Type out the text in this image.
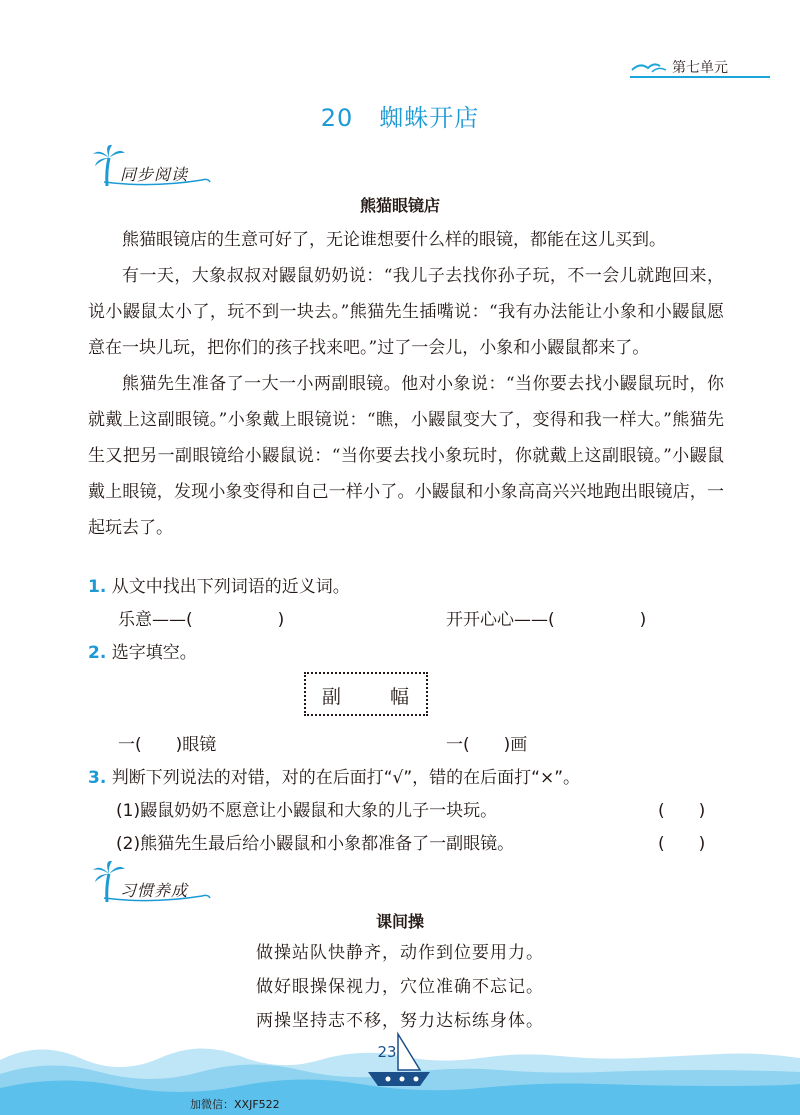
第七单元
20 蜘蛛开店
同步阅读
熊猫眼镜店

熊猫眼镜店的生意可好了，无论谁想要什么样的眼镜，都能在这儿买到。

有一天，大象叔叔对鼹鼠奶奶说：“我儿子去找你孙子玩，不一会儿就跑回来，说小鼹鼠太小了，玩不到一块去。”熊猫先生插嘴说：“我有办法能让小象和小鼹鼠愿意在一块儿玩，把你们的孩子找来吧。”过了一会儿，小象和小鼹鼠都来了。

熊猫先生准备了一大一小两副眼镜。他对小象说：“当你要去找小鼹鼠玩时，你就戴上这副眼镜。”小象戴上眼镜说：“瞧，小鼹鼠变大了，变得和我一样大。”熊猫先生又把另一副眼镜给小鼹鼠说：“当你要去找小象玩时，你就戴上这副眼镜。”小鼹鼠戴上眼镜，发现小象变得和自己一样小了。小鼹鼠和小象高高兴兴地跑出眼镜店，一起玩去了。

1. 从文中找出下列词语的近义词。
乐意——(　　　　　)	开开心心——(　　　　　)
2. 选字填空。
副	幅
一(　　)眼镜	一(　　)画
3. 判断下列说法的对错，对的在后面打“√”，错的在后面打“×”。
(1)鼹鼠奶奶不愿意让小鼹鼠和大象的儿子一块玩。	(　　)
(2)熊猫先生最后给小鼹鼠和小象都准备了一副眼镜。	(　　)
习惯养成
课间操
做操站队快静齐，动作到位要用力。
做好眼操保视力，穴位准确不忘记。
两操坚持志不移，努力达标练身体。
23
加微信：XXJF522
